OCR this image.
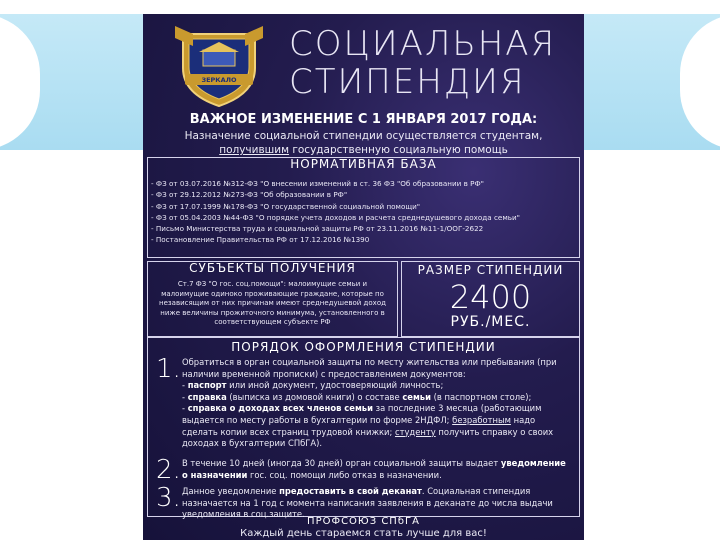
ЗЕРКАЛО
СОЦИАЛЬНАЯ
СТИПЕНДИЯ
ВАЖНОЕ ИЗМЕНЕНИЕ С 1 ЯНВАРЯ 2017 ГОДА:
Назначение социальной стипендии осуществляется студентам,
получившим государственную социальную помощь
НОРМАТИВНАЯ БАЗА
- ФЗ от 03.07.2016 №312-ФЗ "О внесении изменений в ст. 36 ФЗ "Об образовании в РФ"
- ФЗ от 29.12.2012 №273-ФЗ "Об образовании в РФ"
- ФЗ от 17.07.1999 №178-ФЗ "О государственной социальной помощи"
- ФЗ от 05.04.2003 №44-ФЗ "О порядке учета доходов и расчета среднедушевого дохода семьи"
- Письмо Министерства труда и социальной защиты РФ от 23.11.2016 №11-1/ООГ-2622
- Постановление Правительства РФ от 17.12.2016 №1390
СУБЪЕКТЫ ПОЛУЧЕНИЯ
Ст.7 ФЗ "О гос. соц.помощи": малоимущие семьи и малоимущие одиноко проживающие граждане, которые по независящим от них причинам имеют среднедушевой доход ниже величины прожиточного минимума, установленного в соответствующем субъекте РФ
РАЗМЕР СТИПЕНДИИ
2400
РУБ./МЕС.
ПОРЯДОК ОФОРМЛЕНИЯ СТИПЕНДИИ
1. Обратиться в орган социальной защиты по месту жительства или пребывания (при наличии временной прописки) с предоставлением документов:
- паспорт или иной документ, удостоверяющий личность;
- справка (выписка из домовой книги) о составе семьи (в паспортном столе);
- справка о доходах всех членов семьи за последние 3 месяца (работающим выдается по месту работы в бухгалтерии по форме 2НДФЛ; безработным надо сделать копии всех страниц трудовой книжки; студенту получить справку о своих доходах в бухгалтерии СПбГА).
2. В течение 10 дней (иногда 30 дней) орган социальной защиты выдает уведомление о назначении гос. соц. помощи либо отказ в назначении.
3. Данное уведомление предоставить в свой деканат. Социальная стипендия назначается на 1 год с момента написания заявления в деканате до числа выдачи уведомления в соц.защите.
ПРОФСОЮЗ СПбГА
Каждый день стараемся стать лучше для вас!
